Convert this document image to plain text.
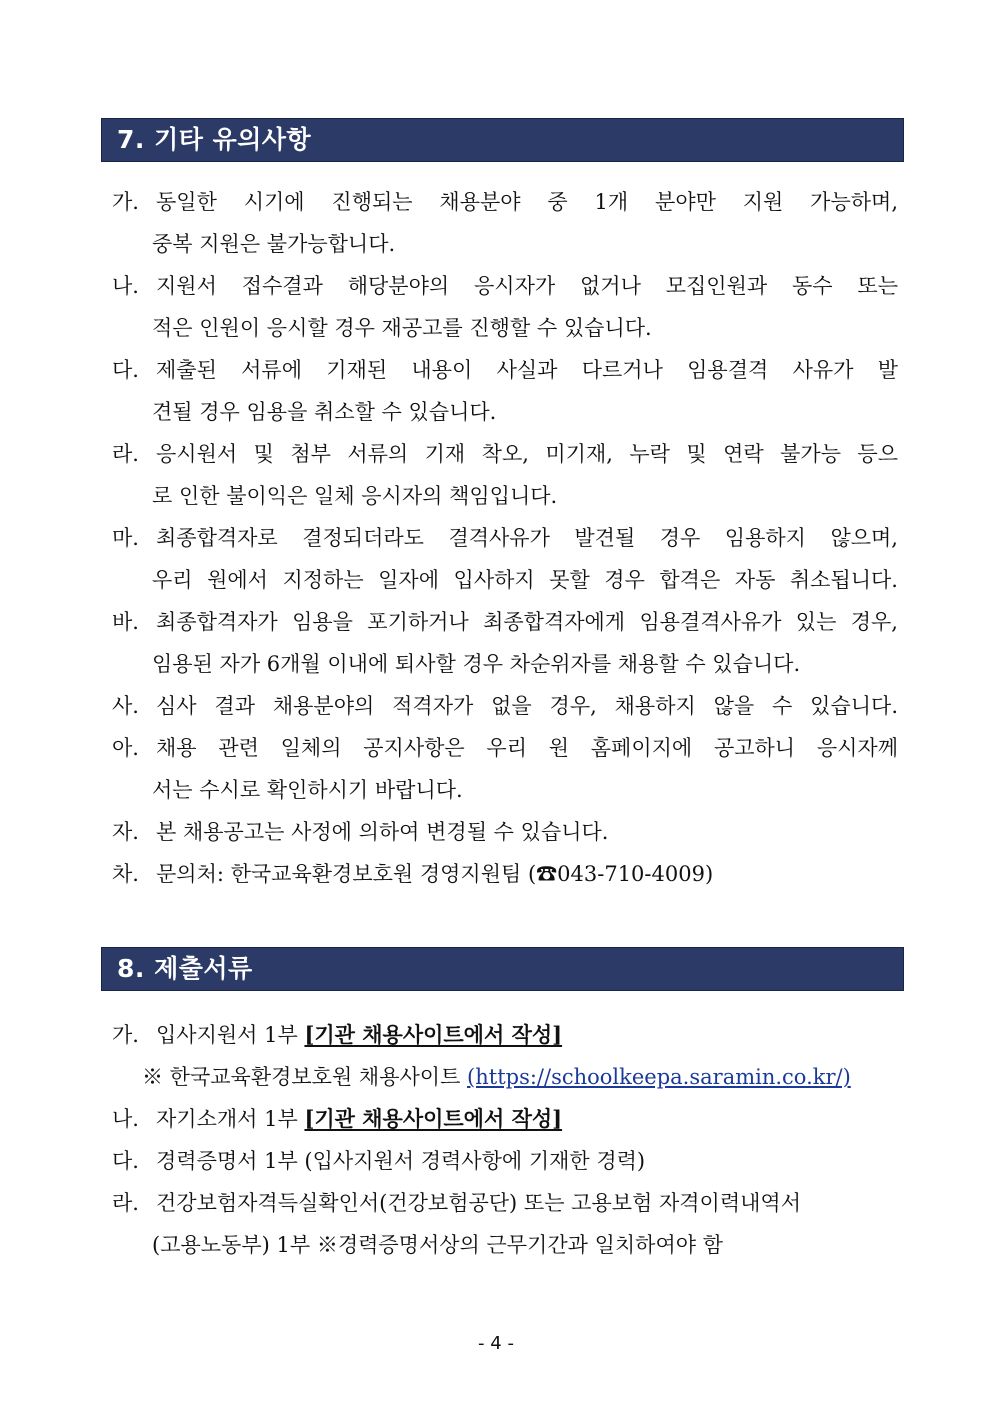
7. 기타 유의사항
가. 동일한 시기에 진행되는 채용분야 중 1개 분야만 지원 가능하며,
중복 지원은 불가능합니다.
나. 지원서 접수결과 해당분야의 응시자가 없거나 모집인원과 동수 또는
적은 인원이 응시할 경우 재공고를 진행할 수 있습니다.
다. 제출된 서류에 기재된 내용이 사실과 다르거나 임용결격 사유가 발
견될 경우 임용을 취소할 수 있습니다.
라. 응시원서 및 첨부 서류의 기재 착오, 미기재, 누락 및 연락 불가능 등으
로 인한 불이익은 일체 응시자의 책임입니다.
마. 최종합격자로 결정되더라도 결격사유가 발견될 경우 임용하지 않으며,
우리 원에서 지정하는 일자에 입사하지 못할 경우 합격은 자동 취소됩니다.
바. 최종합격자가 임용을 포기하거나 최종합격자에게 임용결격사유가 있는 경우,
임용된 자가 6개월 이내에 퇴사할 경우 차순위자를 채용할 수 있습니다.
사. 심사 결과 채용분야의 적격자가 없을 경우, 채용하지 않을 수 있습니다.
아. 채용 관련 일체의 공지사항은 우리 원 홈페이지에 공고하니 응시자께
서는 수시로 확인하시기 바랍니다.
자. 본 채용공고는 사정에 의하여 변경될 수 있습니다.
차. 문의처: 한국교육환경보호원 경영지원팀 (☎043-710-4009)
8. 제출서류
가. 입사지원서 1부 [기관 채용사이트에서 작성]
※ 한국교육환경보호원 채용사이트 (https://schoolkeepa.saramin.co.kr/)
나. 자기소개서 1부 [기관 채용사이트에서 작성]
다. 경력증명서 1부 (입사지원서 경력사항에 기재한 경력)
라. 건강보험자격득실확인서(건강보험공단) 또는 고용보험 자격이력내역서
(고용노동부) 1부 ※경력증명서상의 근무기간과 일치하여야 함
- 4 -
